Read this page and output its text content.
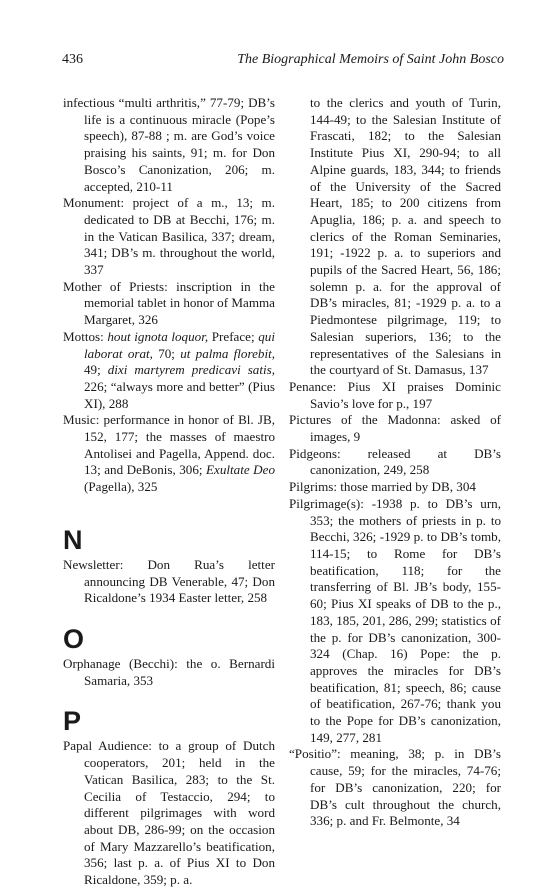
436	The Biographical Memoirs of Saint John Bosco

infectious “multi arthritis,” 77-79; DB’s life is a continuous miracle (Pope’s speech), 87-88 ; m. are God’s voice praising his saints, 91; m. for Don Bosco’s Canonization, 206; m. accepted, 210-11

Monument: project of a m., 13; m. dedicated to DB at Becchi, 176; m. in the Vatican Basilica, 337; dream, 341; DB’s m. throughout the world, 337

Mother of Priests: inscription in the memorial tablet in honor of Mamma Margaret, 326

Mottos: hout ignota loquor, Preface; qui laborat orat, 70; ut palma florebit, 49; dixi martyrem predicavi satis, 226; “always more and better” (Pius XI), 288

Music: performance in honor of Bl. JB, 152, 177; the masses of maestro Antolisei and Pagella, Append. doc. 13; and DeBonis, 306; Exultate Deo (Pagella), 325

N

Newsletter: Don Rua’s letter announcing DB Venerable, 47; Don Ricaldone’s 1934 Easter letter, 258

O

Orphanage (Becchi): the o. Bernardi Samaria, 353

P

Papal Audience: to a group of Dutch cooperators, 201; held in the Vatican Basilica, 283; to the St. Cecilia of Testaccio, 294; to different pilgrimages with word about DB, 286-99; on the occasion of Mary Mazzarello’s beatification, 356; last p. a. of Pius XI to Don Ricaldone, 359; p. a.

to the clerics and youth of Turin, 144-49; to the Salesian Institute of Frascati, 182; to the Salesian Institute Pius XI, 290-94; to all Alpine guards, 183, 344; to friends of the University of the Sacred Heart, 185; to 200 citizens from Apuglia, 186; p. a. and speech to clerics of the Roman Seminaries, 191; -1922 p. a. to superiors and pupils of the Sacred Heart, 56, 186; solemn p. a. for the approval of DB’s miracles, 81; -1929 p. a. to a Piedmontese pilgrimage, 119; to Salesian superiors, 136; to the representatives of the Salesians in the courtyard of St. Damasus, 137

Penance: Pius XI praises Dominic Savio’s love for p., 197

Pictures of the Madonna: asked of images, 9

Pidgeons: released at DB’s canonization, 249, 258

Pilgrims: those married by DB, 304

Pilgrimage(s): -1938 p. to DB’s urn, 353; the mothers of priests in p. to Becchi, 326; -1929 p. to DB’s tomb, 114-15; to Rome for DB’s beatification, 118; for the transferring of Bl. JB’s body, 155-60; Pius XI speaks of DB to the p., 183, 185, 201, 286, 299; statistics of the p. for DB’s canonization, 300-324 (Chap. 16) Pope: the p. approves the miracles for DB’s beatification, 81; speech, 86; cause of beatification, 267-76; thank you to the Pope for DB’s canonization, 149, 277, 281

“Positio”: meaning, 38; p. in DB’s cause, 59; for the miracles, 74-76; for DB’s canonization, 220; for DB’s cult throughout the church, 336; p. and Fr. Belmonte, 34
